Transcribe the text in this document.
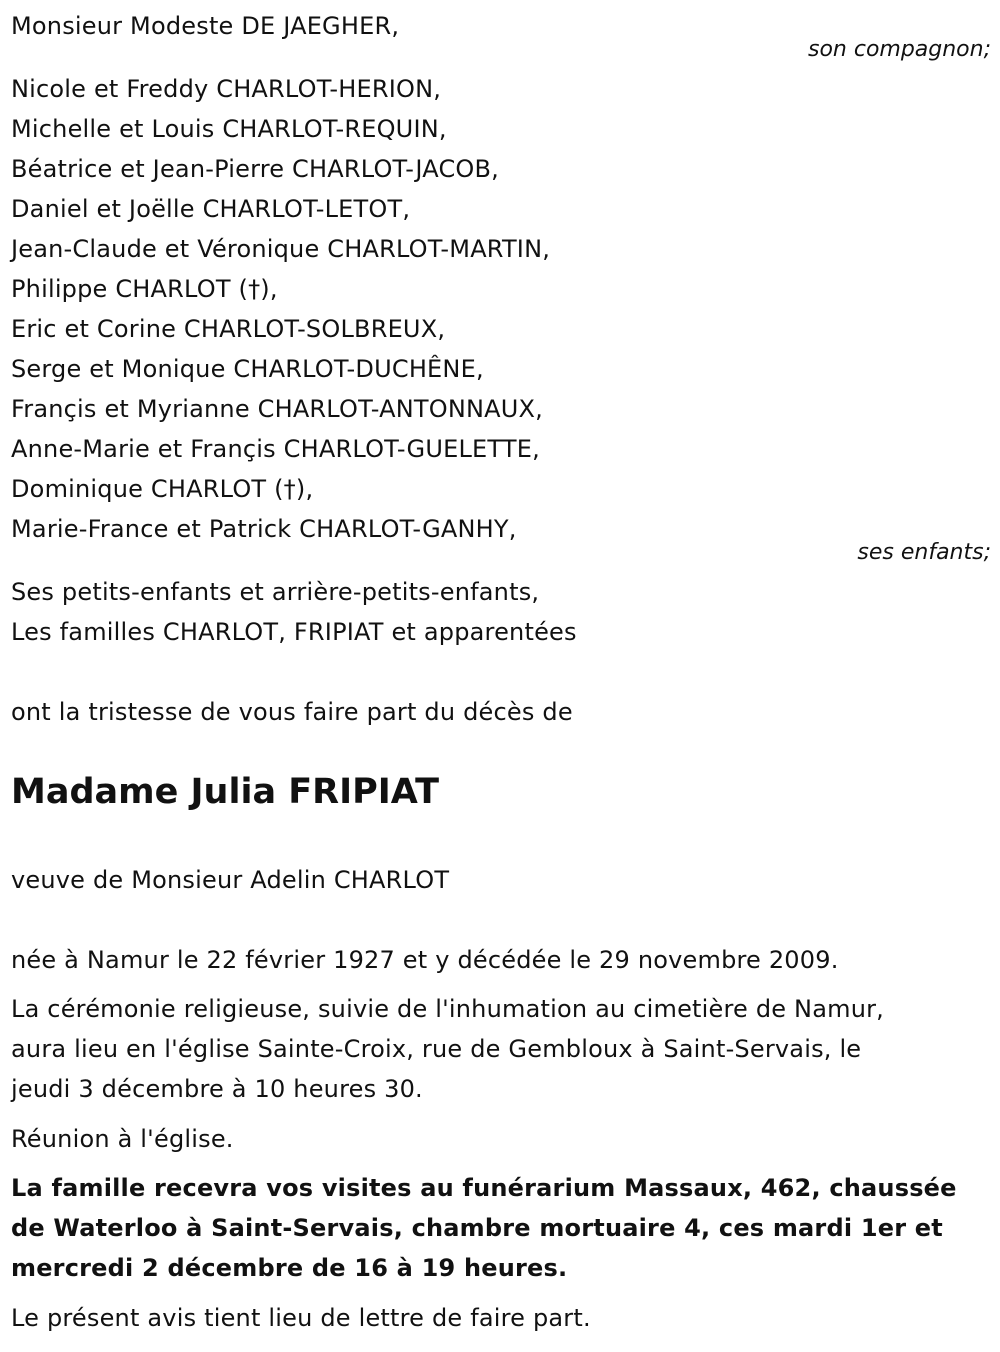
Monsieur Modeste DE JAEGHER,
son compagnon;
Nicole et Freddy CHARLOT-HERION,
Michelle et Louis CHARLOT-REQUIN,
Béatrice et Jean-Pierre CHARLOT-JACOB,
Daniel et Joëlle CHARLOT-LETOT,
Jean-Claude et Véronique CHARLOT-MARTIN,
Philippe CHARLOT (†),
Eric et Corine CHARLOT-SOLBREUX,
Serge et Monique CHARLOT-DUCHÊNE,
Françis et Myrianne CHARLOT-ANTONNAUX,
Anne-Marie et Françis CHARLOT-GUELETTE,
Dominique CHARLOT (†),
Marie-France et Patrick CHARLOT-GANHY,
ses enfants;
Ses petits-enfants et arrière-petits-enfants,
Les familles CHARLOT, FRIPIAT et apparentées
ont la tristesse de vous faire part du décès de
Madame Julia FRIPIAT
veuve de Monsieur Adelin CHARLOT
née à Namur le 22 février 1927 et y décédée le 29 novembre 2009.
La cérémonie religieuse, suivie de l'inhumation au cimetière de Namur,
aura lieu en l'église Sainte-Croix, rue de Gembloux à Saint-Servais, le
jeudi 3 décembre à 10 heures 30.
Réunion à l'église.
La famille recevra vos visites au funérarium Massaux, 462, chaussée
de Waterloo à Saint-Servais, chambre mortuaire 4, ces mardi 1er et
mercredi 2 décembre de 16 à 19 heures.
Le présent avis tient lieu de lettre de faire part.
